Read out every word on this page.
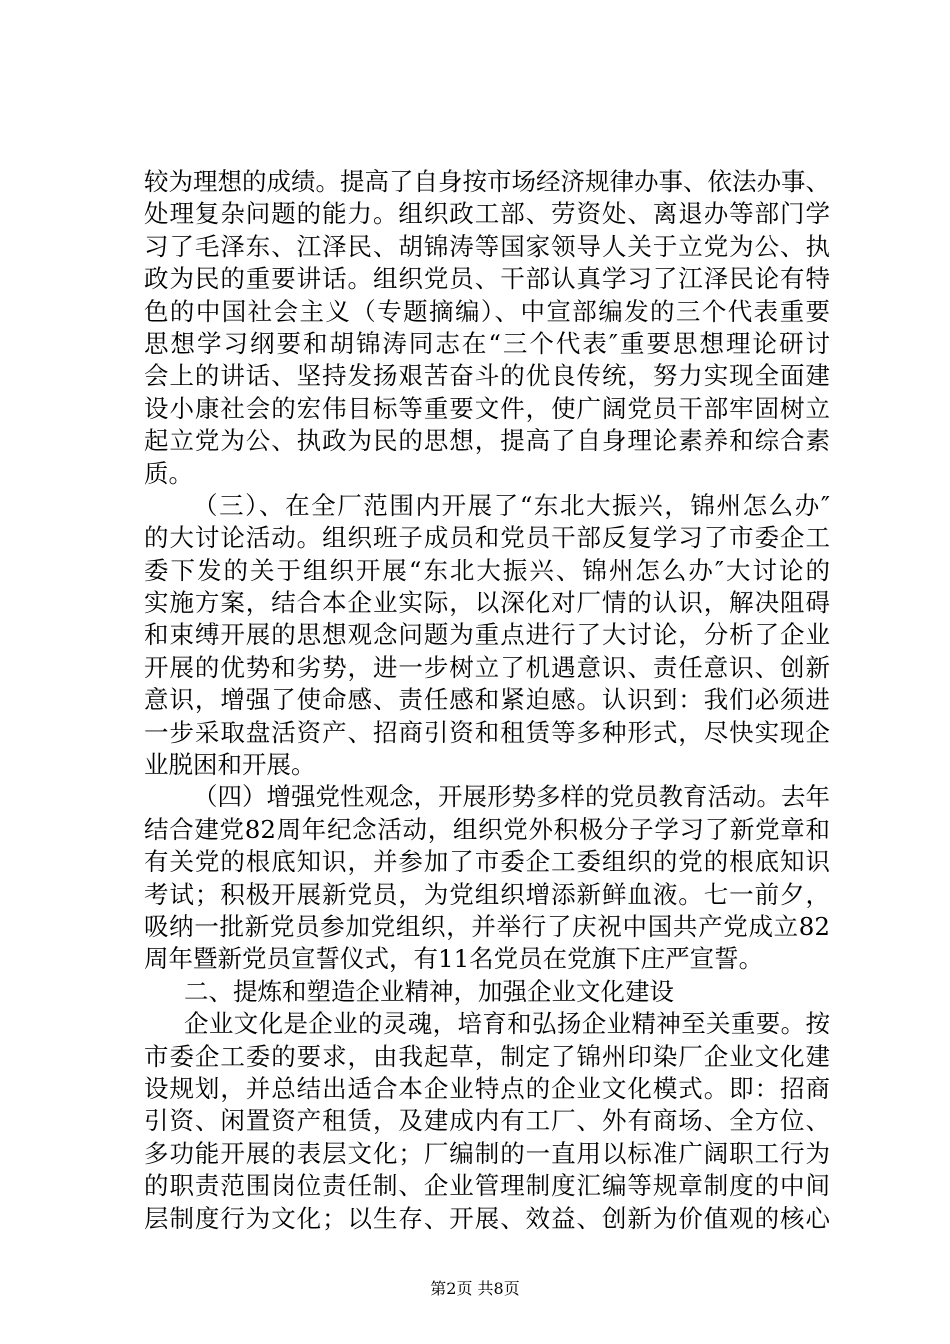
较为理想的成绩。提高了自身按市场经济规律办事、依法办事、
处理复杂问题的能力。组织政工部、劳资处、离退办等部门学
习了毛泽东、江泽民、胡锦涛等国家领导人关于立党为公、执
政为民的重要讲话。组织党员、干部认真学习了江泽民论有特
色的中国社会主义（专题摘编）、中宣部编发的三个代表重要
思想学习纲要和胡锦涛同志在“三个代表″重要思想理论研讨
会上的讲话、坚持发扬艰苦奋斗的优良传统，努力实现全面建
设小康社会的宏伟目标等重要文件，使广阔党员干部牢固树立
起立党为公、执政为民的思想，提高了自身理论素养和综合素
质。
（三）、在全厂范围内开展了“东北大振兴，锦州怎么办″
的大讨论活动。组织班子成员和党员干部反复学习了市委企工
委下发的关于组织开展“东北大振兴、锦州怎么办″大讨论的
实施方案，结合本企业实际，以深化对厂情的认识，解决阻碍
和束缚开展的思想观念问题为重点进行了大讨论，分析了企业
开展的优势和劣势，进一步树立了机遇意识、责任意识、创新
意识，增强了使命感、责任感和紧迫感。认识到：我们必须进
一步采取盘活资产、招商引资和租赁等多种形式，尽快实现企
业脱困和开展。
（四）增强党性观念，开展形势多样的党员教育活动。去年
结合建党82周年纪念活动，组织党外积极分子学习了新党章和
有关党的根底知识，并参加了市委企工委组织的党的根底知识
考试；积极开展新党员，为党组织增添新鲜血液。七一前夕，
吸纳一批新党员参加党组织，并举行了庆祝中国共产党成立82
周年暨新党员宣誓仪式，有11名党员在党旗下庄严宣誓。
二、提炼和塑造企业精神，加强企业文化建设
企业文化是企业的灵魂，培育和弘扬企业精神至关重要。按
市委企工委的要求，由我起草，制定了锦州印染厂企业文化建
设规划，并总结出适合本企业特点的企业文化模式。即：招商
引资、闲置资产租赁，及建成内有工厂、外有商场、全方位、
多功能开展的表层文化；厂编制的一直用以标准广阔职工行为
的职责范围岗位责任制、企业管理制度汇编等规章制度的中间
层制度行为文化；以生存、开展、效益、创新为价值观的核心
第2页 共8页
